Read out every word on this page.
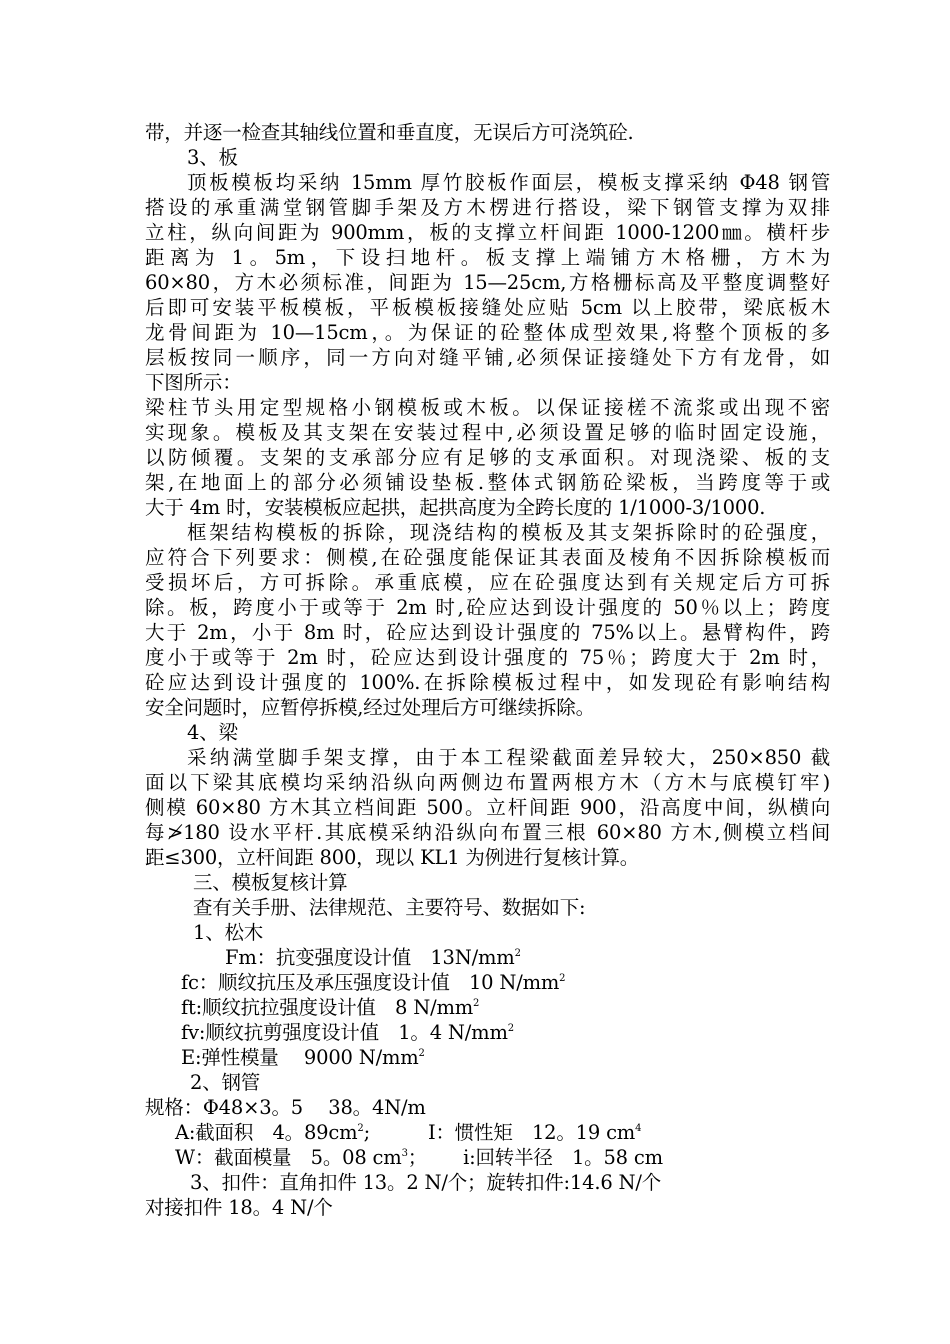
带，并逐一检查其轴线位置和垂直度，无误后方可浇筑砼.
3、板
顶板模板均采纳 15mm 厚竹胶板作面层，模板支撑采纳 Φ48 钢管
搭设的承重满堂钢管脚手架及方木楞进行搭设，梁下钢管支撑为双排
立柱，纵向间距为 900mm，板的支撑立杆间距 1000-1200㎜。横杆步
距离为 1。5m，下设扫地杆。板支撑上端铺方木格栅，方木为
60×80，方木必须标准，间距为 15—25cm,方格栅标高及平整度调整好
后即可安装平板模板，平板模板接缝处应贴 5cm 以上胶带，梁底板木
龙骨间距为 10—15cm，。为保证的砼整体成型效果,将整个顶板的多
层板按同一顺序，同一方向对缝平铺,必须保证接缝处下方有龙骨，如
下图所示：
梁柱节头用定型规格小钢模板或木板。以保证接槎不流浆或出现不密
实现象。模板及其支架在安装过程中,必须设置足够的临时固定设施，
以防倾覆。支架的支承部分应有足够的支承面积。对现浇梁、板的支
架,在地面上的部分必须铺设垫板.整体式钢筋砼梁板，当跨度等于或
大于 4m 时，安装模板应起拱，起拱高度为全跨长度的 1/1000-3/1000.
框架结构模板的拆除，现浇结构的模板及其支架拆除时的砼强度，
应符合下列要求：侧模,在砼强度能保证其表面及棱角不因拆除模板而
受损坏后，方可拆除。承重底模，应在砼强度达到有关规定后方可拆
除。板，跨度小于或等于 2m 时,砼应达到设计强度的 50％以上；跨度
大于 2m，小于 8m 时，砼应达到设计强度的 75%以上。悬臂构件，跨
度小于或等于 2m 时，砼应达到设计强度的 75％；跨度大于 2m 时，
砼应达到设计强度的 100%.在拆除模板过程中，如发现砼有影响结构
安全问题时，应暂停拆模,经过处理后方可继续拆除。
4、梁
采纳满堂脚手架支撑，由于本工程梁截面差异较大，250×850 截
面以下梁其底模均采纳沿纵向两侧边布置两根方木（方木与底模钉牢)
侧模 60×80 方木其立档间距 500。立杆间距 900，沿高度中间，纵横向
每≯180 设水平杆.其底模采纳沿纵向布置三根 60×80 方木,侧模立档间
距≤300，立杆间距 800，现以 KL1 为例进行复核计算。
三、模板复核计算
查有关手册、法律规范、主要符号、数据如下:
1、松木
Fm：抗变强度设计值　$13N/mm^2$
fc：顺纹抗压及承压强度设计值　10 $N/mm^2$
ft:顺纹抗拉强度设计值　8 $N/mm^2$
fv:顺纹抗剪强度设计值　1。4 $N/mm^2$
E:弹性模量　 9000 $N/mm^2$
2、钢管
规格：Φ48×3。5　 38。4N/m
A:截面积　4。$89cm^2$;	I：惯性矩　12。19 $cm^4$
W：截面模量　5。08 $cm^3$； i:回转半径　1。58 cm
3、扣件：直角扣件 13。2 N/个；旋转扣件:14.6 N/个
对接扣件 18。4 N/个
